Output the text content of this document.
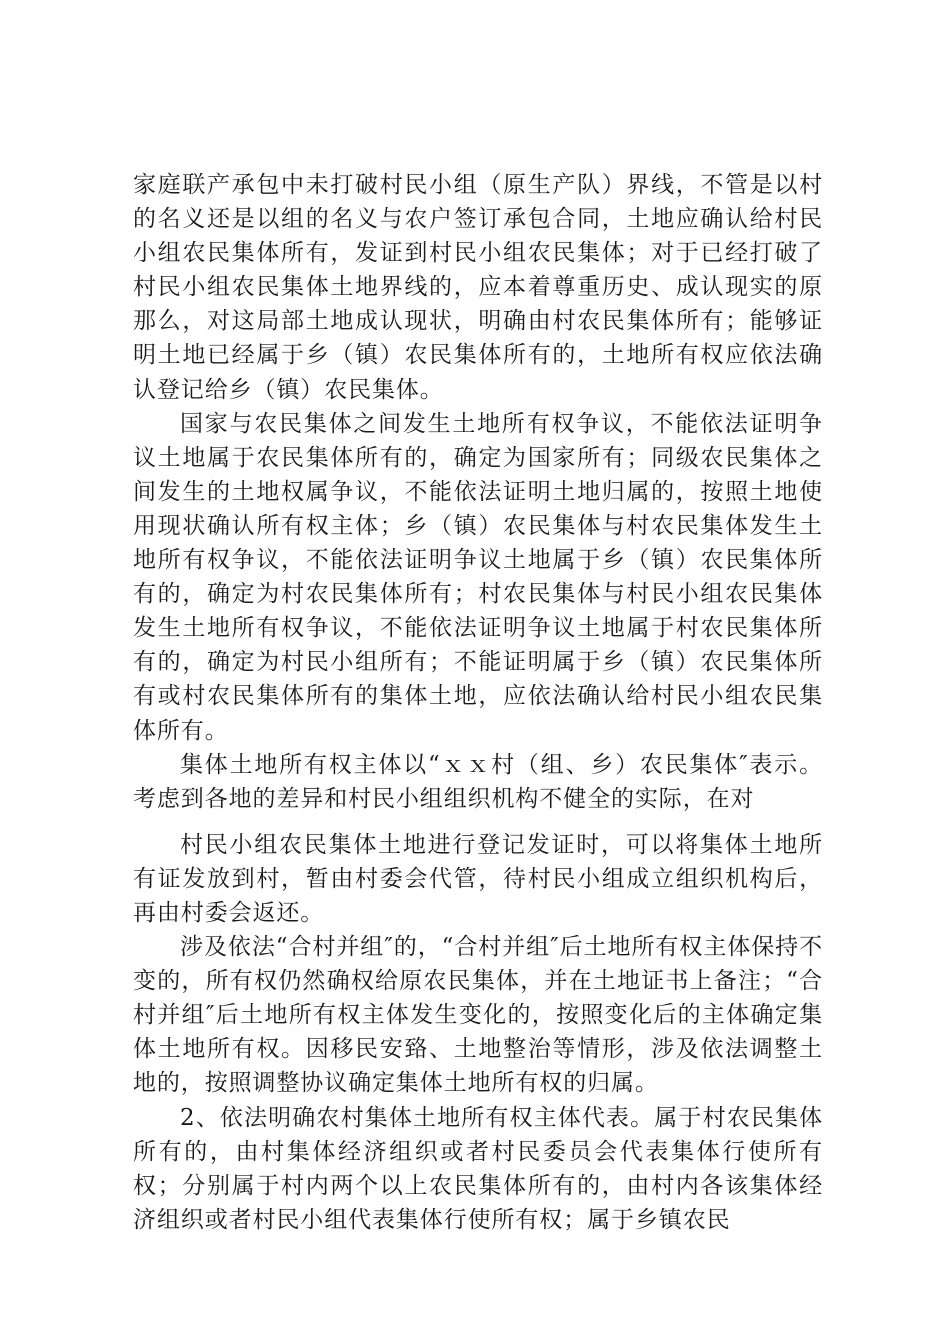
家庭联产承包中未打破村民小组（原生产队）界线，不管是以村的名义还是以组的名义与农户签订承包合同，土地应确认给村民小组农民集体所有，发证到村民小组农民集体；对于已经打破了村民小组农民集体土地界线的，应本着尊重历史、成认现实的原那么，对这局部土地成认现状，明确由村农民集体所有；能够证明土地已经属于乡（镇）农民集体所有的，土地所有权应依法确认登记给乡（镇）农民集体。

国家与农民集体之间发生土地所有权争议，不能依法证明争议土地属于农民集体所有的，确定为国家所有；同级农民集体之间发生的土地权属争议，不能依法证明土地归属的，按照土地使用现状确认所有权主体；乡（镇）农民集体与村农民集体发生土地所有权争议，不能依法证明争议土地属于乡（镇）农民集体所有的，确定为村农民集体所有；村农民集体与村民小组农民集体发生土地所有权争议，不能依法证明争议土地属于村农民集体所有的，确定为村民小组所有；不能证明属于乡（镇）农民集体所有或村农民集体所有的集体土地，应依法确认给村民小组农民集体所有。

集体土地所有权主体以“ｘｘ村（组、乡）农民集体″表示。考虑到各地的差异和村民小组组织机构不健全的实际，在对

村民小组农民集体土地进行登记发证时，可以将集体土地所有证发放到村，暂由村委会代管，待村民小组成立组织机构后，再由村委会返还。

涉及依法“合村并组″的，“合村并组″后土地所有权主体保持不变的，所有权仍然确权给原农民集体，并在土地证书上备注；“合村并组″后土地所有权主体发生变化的，按照变化后的主体确定集体土地所有权。因移民安臵、土地整治等情形，涉及依法调整土地的，按照调整协议确定集体土地所有权的归属。

2、依法明确农村集体土地所有权主体代表。属于村农民集体所有的，由村集体经济组织或者村民委员会代表集体行使所有权；分别属于村内两个以上农民集体所有的，由村内各该集体经济组织或者村民小组代表集体行使所有权；属于乡镇农民
